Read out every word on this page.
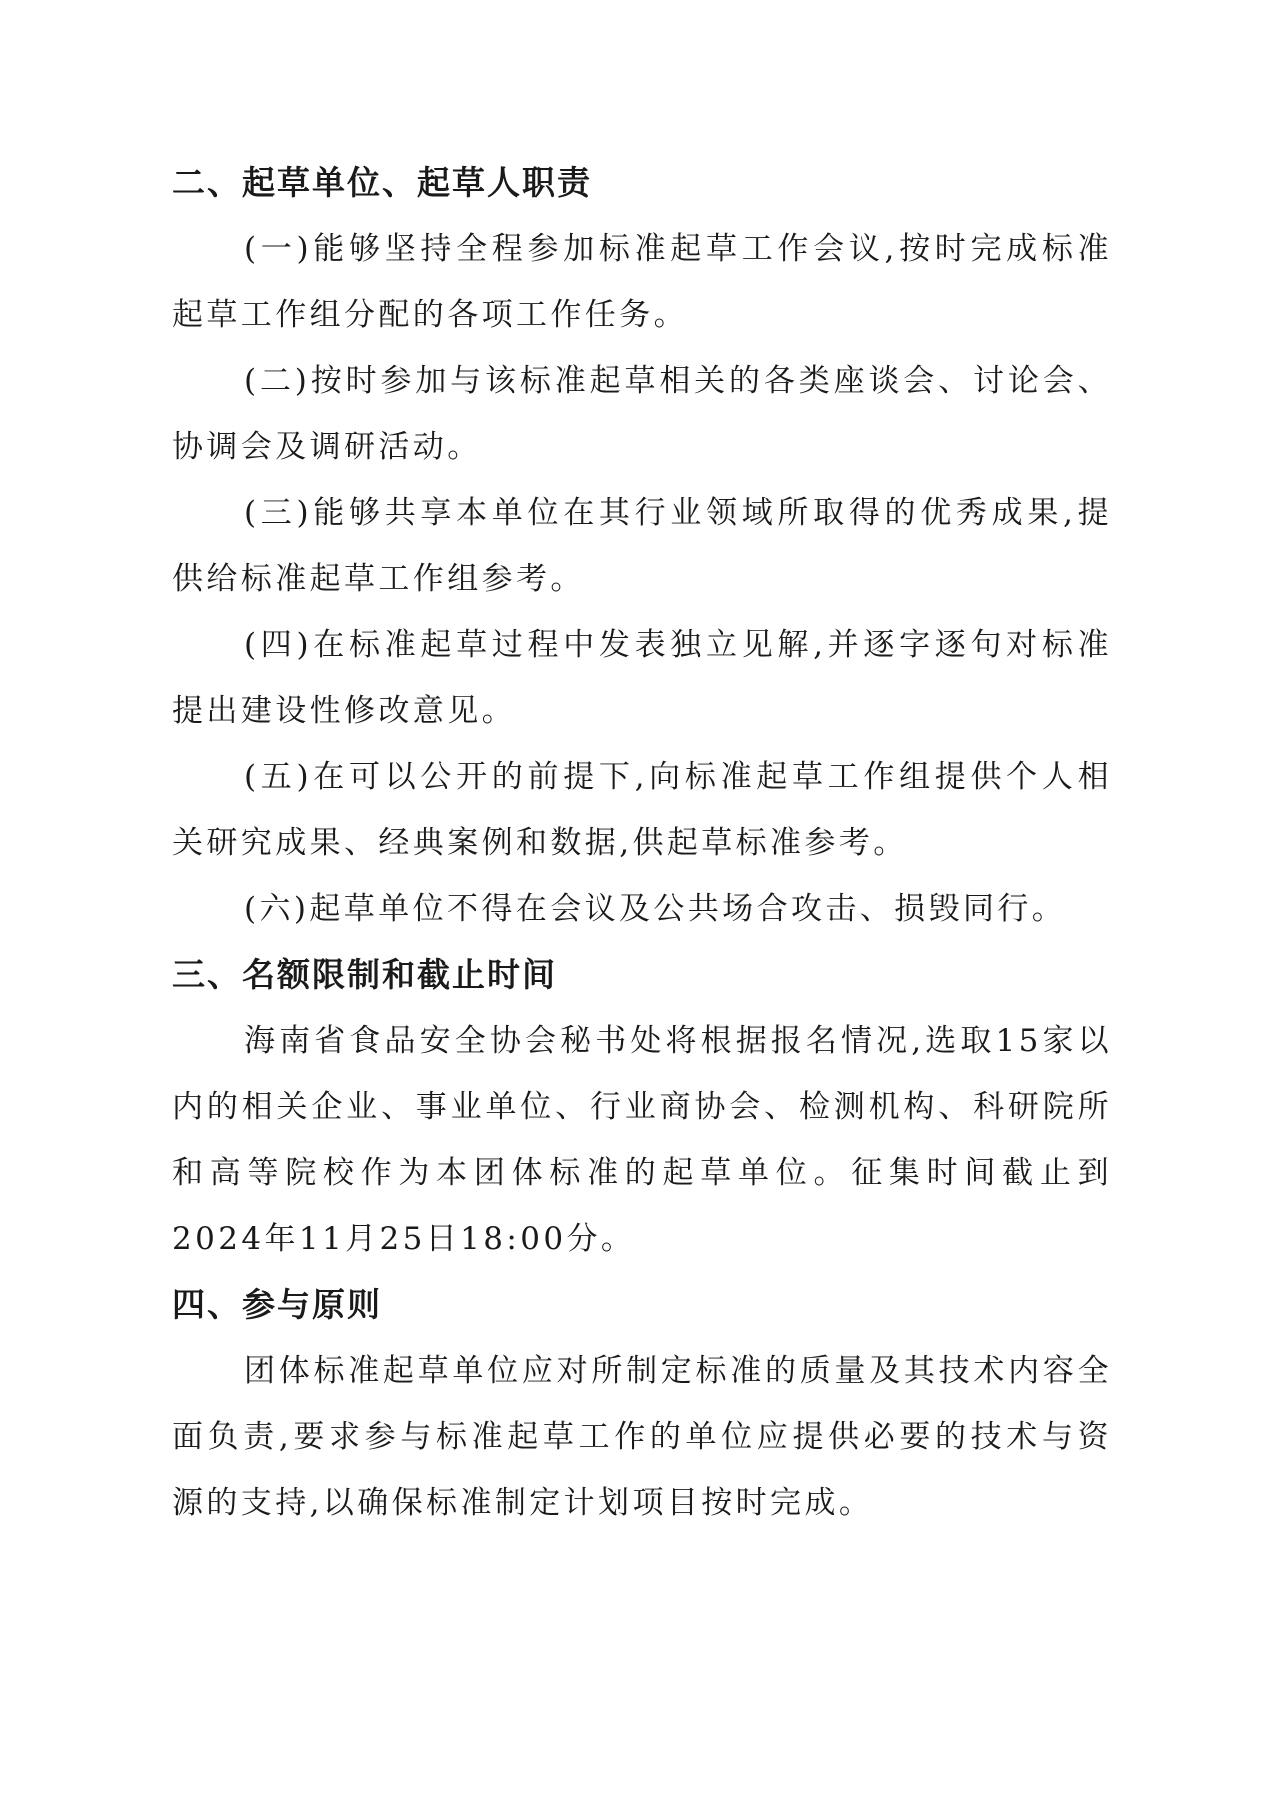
二、起草单位、起草人职责

(一)能够坚持全程参加标准起草工作会议,按时完成标准起草工作组分配的各项工作任务。

(二)按时参加与该标准起草相关的各类座谈会、讨论会、协调会及调研活动。

(三)能够共享本单位在其行业领域所取得的优秀成果,提供给标准起草工作组参考。

(四)在标准起草过程中发表独立见解,并逐字逐句对标准提出建设性修改意见。

(五)在可以公开的前提下,向标准起草工作组提供个人相关研究成果、经典案例和数据,供起草标准参考。

(六)起草单位不得在会议及公共场合攻击、损毁同行。

三、名额限制和截止时间

海南省食品安全协会秘书处将根据报名情况,选取15家以内的相关企业、事业单位、行业商协会、检测机构、科研院所和高等院校作为本团体标准的起草单位。征集时间截止到2024年11月25日18:00分。

四、参与原则

团体标准起草单位应对所制定标准的质量及其技术内容全面负责,要求参与标准起草工作的单位应提供必要的技术与资源的支持,以确保标准制定计划项目按时完成。
